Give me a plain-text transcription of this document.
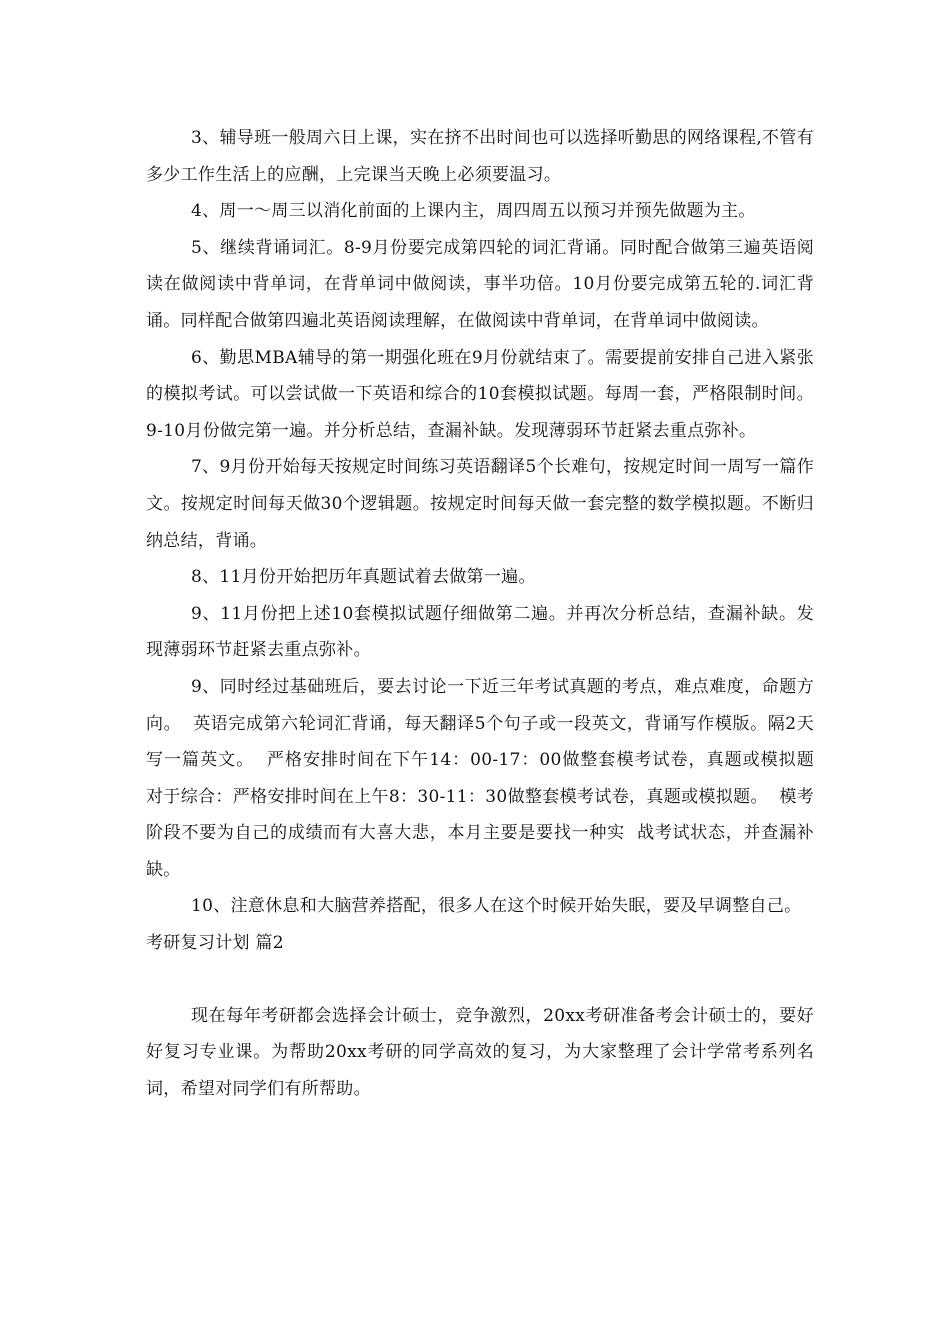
3、辅导班一般周六日上课，实在挤不出时间也可以选择听勤思的网络课程,不管有多少工作生活上的应酬，上完课当天晚上必须要温习。

4、周一～周三以消化前面的上课内主，周四周五以预习并预先做题为主。

5、继续背诵词汇。8-9月份要完成第四轮的词汇背诵。同时配合做第三遍英语阅读在做阅读中背单词，在背单词中做阅读，事半功倍。10月份要完成第五轮的.词汇背诵。同样配合做第四遍北英语阅读理解，在做阅读中背单词，在背单词中做阅读。

6、勤思MBA辅导的第一期强化班在9月份就结束了。需要提前安排自己进入紧张的模拟考试。可以尝试做一下英语和综合的10套模拟试题。每周一套，严格限制时间。9-10月份做完第一遍。并分析总结，查漏补缺。发现薄弱环节赶紧去重点弥补。

7、9月份开始每天按规定时间练习英语翻译5个长难句，按规定时间一周写一篇作文。按规定时间每天做30个逻辑题。按规定时间每天做一套完整的数学模拟题。不断归纳总结，背诵。

8、11月份开始把历年真题试着去做第一遍。

9、11月份把上述10套模拟试题仔细做第二遍。并再次分析总结，查漏补缺。发现薄弱环节赶紧去重点弥补。

9、同时经过基础班后，要去讨论一下近三年考试真题的考点，难点难度，命题方向。  英语完成第六轮词汇背诵，每天翻译5个句子或一段英文，背诵写作模版。隔2天写一篇英文。  严格安排时间在下午14：00-17：00做整套模考试卷，真题或模拟题  对于综合：严格安排时间在上午8：30-11：30做整套模考试卷，真题或模拟题。  模考阶段不要为自己的成绩而有大喜大悲，本月主要是要找一种实  战考试状态，并查漏补缺。

10、注意休息和大脑营养搭配，很多人在这个时候开始失眠，要及早调整自己。

考研复习计划 篇2

现在每年考研都会选择会计硕士，竞争激烈，20xx考研准备考会计硕士的，要好好复习专业课。为帮助20xx考研的同学高效的复习，为大家整理了会计学常考系列名词，希望对同学们有所帮助。
